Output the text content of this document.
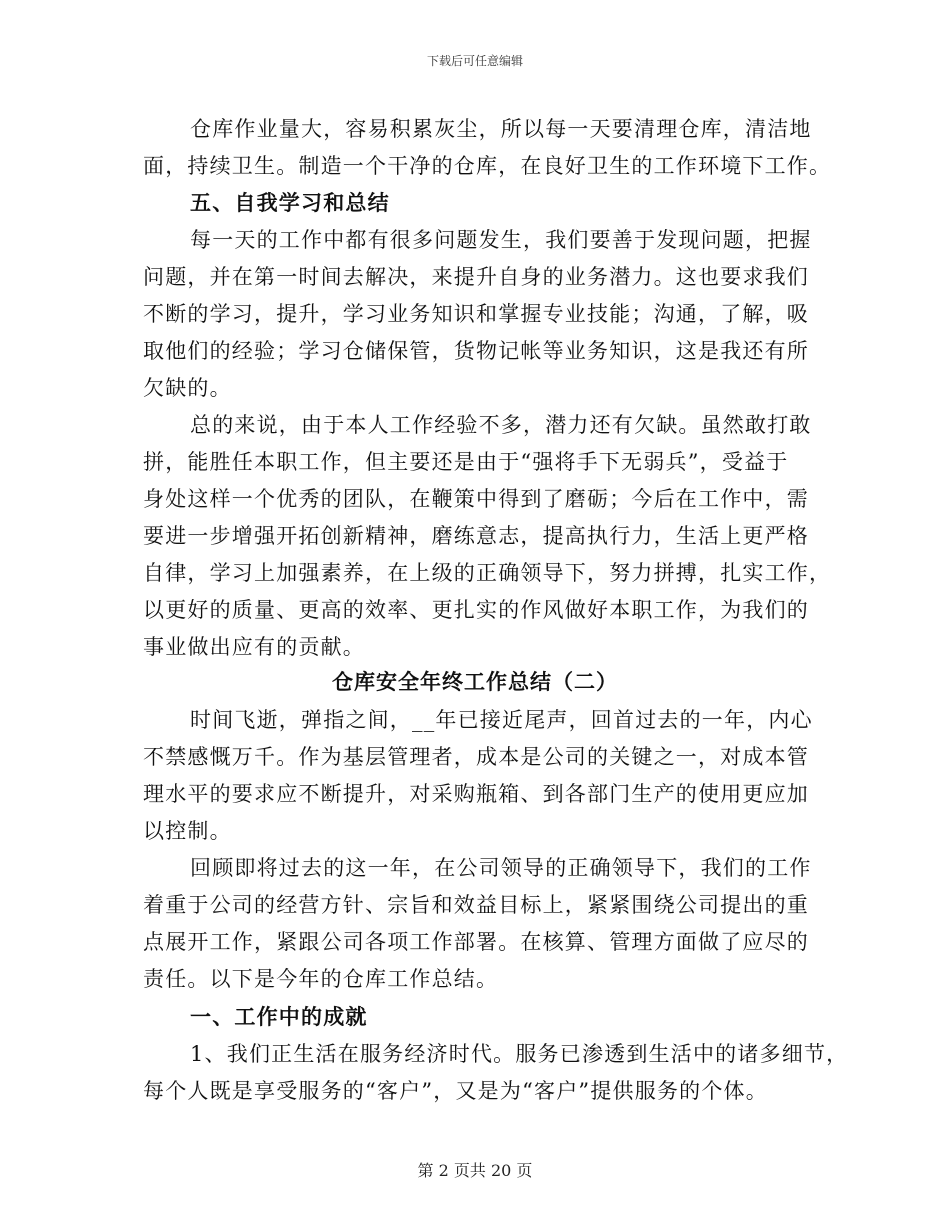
下载后可任意编辑
仓库作业量大，容易积累灰尘，所以每一天要清理仓库，清洁地
面，持续卫生。制造一个干净的仓库，在良好卫生的工作环境下工作。
五、自我学习和总结
每一天的工作中都有很多问题发生，我们要善于发现问题，把握
问题，并在第一时间去解决，来提升自身的业务潜力。这也要求我们
不断的学习，提升，学习业务知识和掌握专业技能；沟通，了解，吸
取他们的经验；学习仓储保管，货物记帐等业务知识，这是我还有所
欠缺的。
总的来说，由于本人工作经验不多，潜力还有欠缺。虽然敢打敢
拼，能胜任本职工作，但主要还是由于“强将手下无弱兵”，受益于
身处这样一个优秀的团队，在鞭策中得到了磨砺；今后在工作中，需
要进一步增强开拓创新精神，磨练意志，提高执行力，生活上更严格
自律，学习上加强素养，在上级的正确领导下，努力拼搏，扎实工作，
以更好的质量、更高的效率、更扎实的作风做好本职工作，为我们的
事业做出应有的贡献。
仓库安全年终工作总结（二）
时间飞逝，弹指之间，__年已接近尾声，回首过去的一年，内心
不禁感慨万千。作为基层管理者，成本是公司的关键之一，对成本管
理水平的要求应不断提升，对采购瓶箱、到各部门生产的使用更应加
以控制。
回顾即将过去的这一年，在公司领导的正确领导下，我们的工作
着重于公司的经营方针、宗旨和效益目标上，紧紧围绕公司提出的重
点展开工作，紧跟公司各项工作部署。在核算、管理方面做了应尽的
责任。以下是今年的仓库工作总结。
一、工作中的成就
1、我们正生活在服务经济时代。服务已渗透到生活中的诸多细节，
每个人既是享受服务的“客户”，又是为“客户”提供服务的个体。
第 2 页共 20 页
